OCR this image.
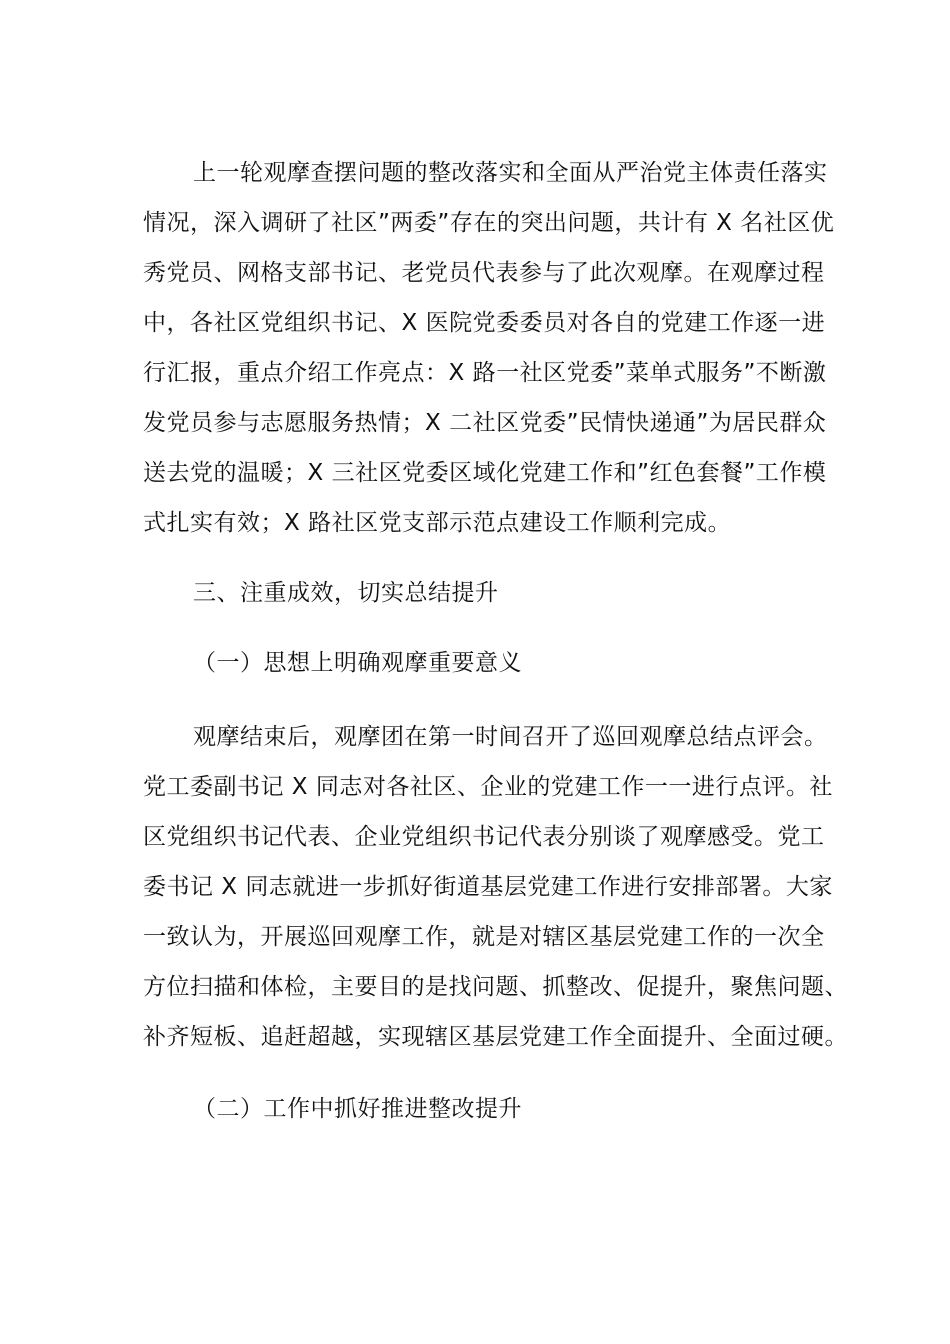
上一轮观摩查摆问题的整改落实和全面从严治党主体责任落实
情况，深入调研了社区”两委”存在的突出问题，共计有 X 名社区优
秀党员、网格支部书记、老党员代表参与了此次观摩。在观摩过程
中，各社区党组织书记、X 医院党委委员对各自的党建工作逐一进
行汇报，重点介绍工作亮点：X 路一社区党委”菜单式服务”不断激
发党员参与志愿服务热情；X 二社区党委”民情快递通”为居民群众
送去党的温暖；X 三社区党委区域化党建工作和”红色套餐”工作模
式扎实有效；X 路社区党支部示范点建设工作顺利完成。
三、注重成效，切实总结提升
（一）思想上明确观摩重要意义
观摩结束后，观摩团在第一时间召开了巡回观摩总结点评会。
党工委副书记 X 同志对各社区、企业的党建工作一一进行点评。社
区党组织书记代表、企业党组织书记代表分别谈了观摩感受。党工
委书记 X 同志就进一步抓好街道基层党建工作进行安排部署。大家
一致认为，开展巡回观摩工作，就是对辖区基层党建工作的一次全
方位扫描和体检，主要目的是找问题、抓整改、促提升，聚焦问题、
补齐短板、追赶超越，实现辖区基层党建工作全面提升、全面过硬。
（二）工作中抓好推进整改提升
